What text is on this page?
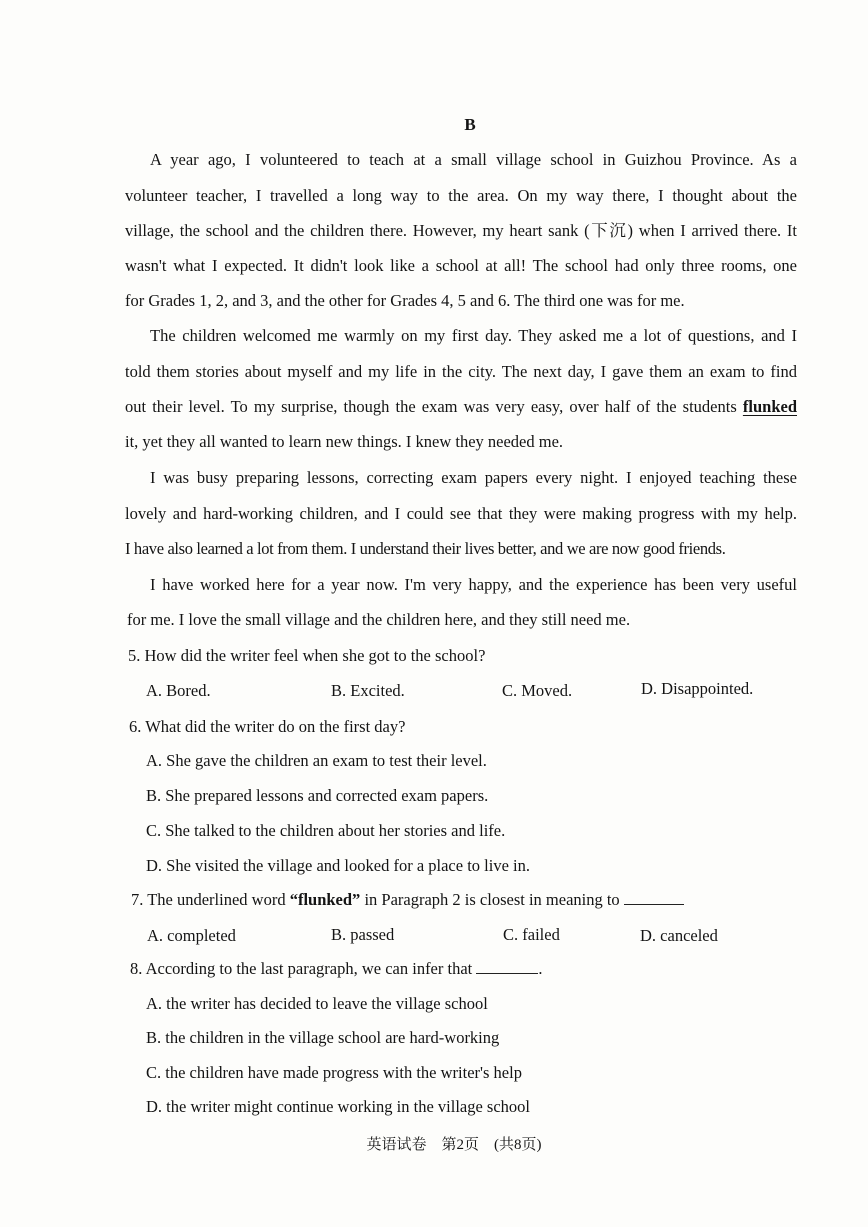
B
A year ago, I volunteered to teach at a small village school in Guizhou Province. As a
volunteer teacher, I travelled a long way to the area. On my way there, I thought about the
village, the school and the children there. However, my heart sank (下沉) when I arrived there. It
wasn't what I expected. It didn't look like a school at all! The school had only three rooms, one
for Grades 1, 2, and 3, and the other for Grades 4, 5 and 6. The third one was for me.
The children welcomed me warmly on my first day. They asked me a lot of questions, and I
told them stories about myself and my life in the city. The next day, I gave them an exam to find
out their level. To my surprise, though the exam was very easy, over half of the students flunked
it, yet they all wanted to learn new things. I knew they needed me.
I was busy preparing lessons, correcting exam papers every night. I enjoyed teaching these
lovely and hard-working children, and I could see that they were making progress with my help.
I have also learned a lot from them. I understand their lives better, and we are now good friends.
I have worked here for a year now. I'm very happy, and the experience has been very useful
for me. I love the small village and the children here, and they still need me.
5. How did the writer feel when she got to the school?
A. Bored.	B. Excited.	C. Moved.	D. Disappointed.
6. What did the writer do on the first day?
A. She gave the children an exam to test their level.
B. She prepared lessons and corrected exam papers.
C. She talked to the children about her stories and life.
D. She visited the village and looked for a place to live in.
7. The underlined word “flunked” in Paragraph 2 is closest in meaning to
A. completed	B. passed	C. failed	D. canceled
8. According to the last paragraph, we can infer that	.
A. the writer has decided to leave the village school
B. the children in the village school are hard-working
C. the children have made progress with the writer's help
D. the writer might continue working in the village school
英语试卷　第2页　(共8页)
